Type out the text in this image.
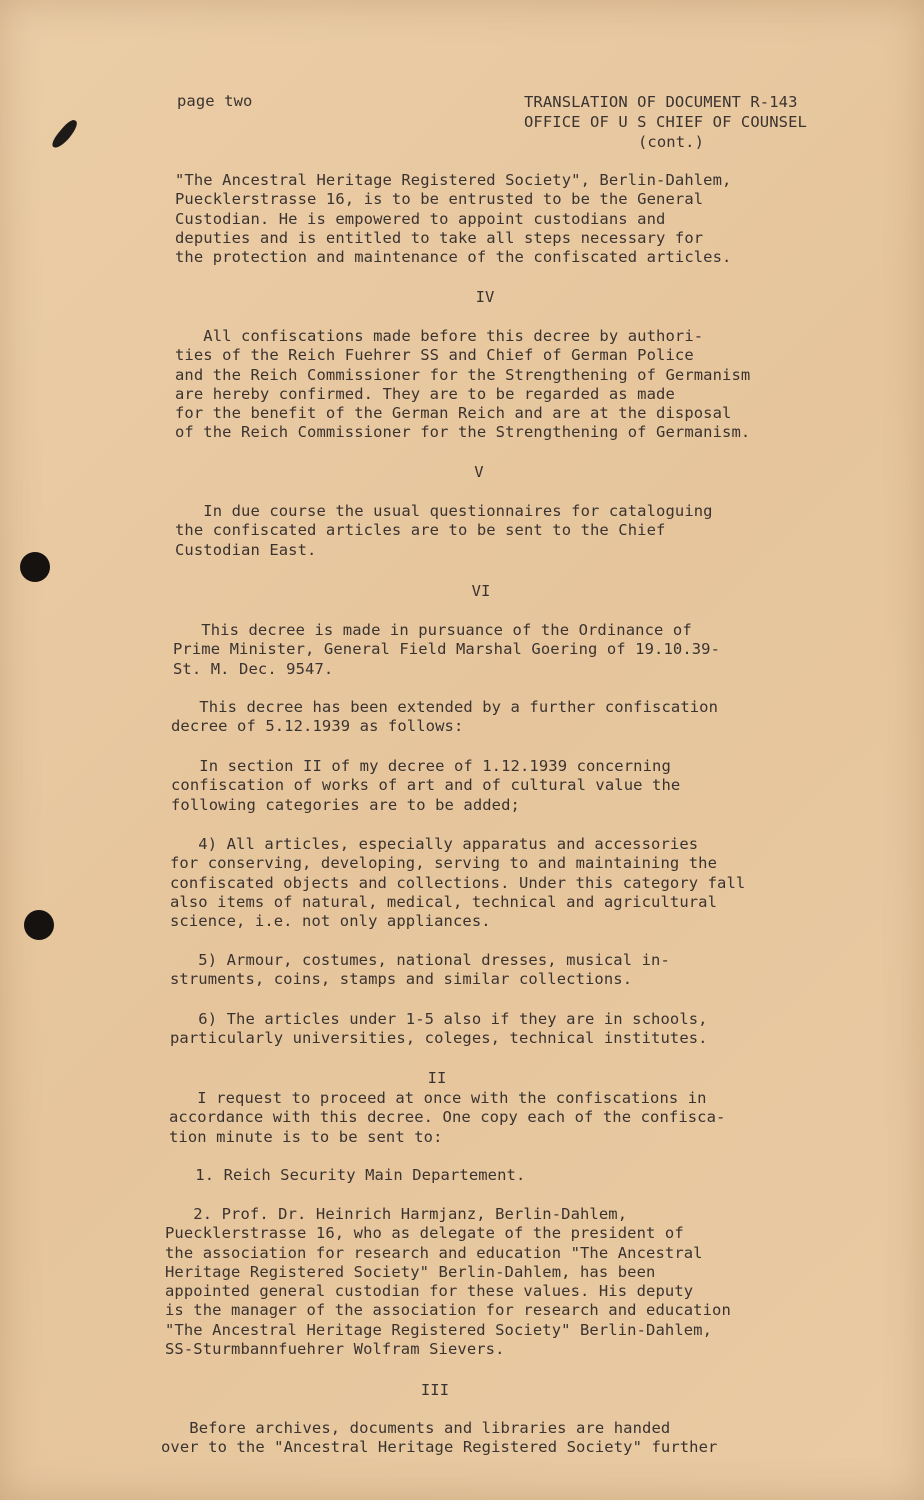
page two	TRANSLATION OF DOCUMENT R-143
OFFICE OF U S CHIEF OF COUNSEL
(cont.)
"The Ancestral Heritage Registered Society", Berlin-Dahlem,
Puecklerstrasse 16, is to be entrusted to be the General
Custodian. He is empowered to appoint custodians and
deputies and is entitled to take all steps necessary for
the protection and maintenance of the confiscated articles.
IV
All confiscations made before this decree by authori-
ties of the Reich Fuehrer SS and Chief of German Police
and the Reich Commissioner for the Strengthening of Germanism
are hereby confirmed. They are to be regarded as made
for the benefit of the German Reich and are at the disposal
of the Reich Commissioner for the Strengthening of Germanism.
V
In due course the usual questionnaires for cataloguing
the confiscated articles are to be sent to the Chief
Custodian East.
VI
This decree is made in pursuance of the Ordinance of
Prime Minister, General Field Marshal Goering of 19.10.39-
St. M. Dec. 9547.
This decree has been extended by a further confiscation
decree of 5.12.1939 as follows:
In section II of my decree of 1.12.1939 concerning
confiscation of works of art and of cultural value the
following categories are to be added;
4) All articles, especially apparatus and accessories
for conserving, developing, serving to and maintaining the
confiscated objects and collections. Under this category fall
also items of natural, medical, technical and agricultural
science, i.e. not only appliances.
5) Armour, costumes, national dresses, musical in-
struments, coins, stamps and similar collections.
6) The articles under 1-5 also if they are in schools,
particularly universities, coleges, technical institutes.
II
I request to proceed at once with the confiscations in
accordance with this decree. One copy each of the confisca-
tion minute is to be sent to:
1. Reich Security Main Departement.
2. Prof. Dr. Heinrich Harmjanz, Berlin-Dahlem,
Puecklerstrasse 16, who as delegate of the president of
the association for research and education "The Ancestral
Heritage Registered Society" Berlin-Dahlem, has been
appointed general custodian for these values. His deputy
is the manager of the association for research and education
"The Ancestral Heritage Registered Society" Berlin-Dahlem,
SS-Sturmbannfuehrer Wolfram Sievers.
III
Before archives, documents and libraries are handed
over to the "Ancestral Heritage Registered Society" further
